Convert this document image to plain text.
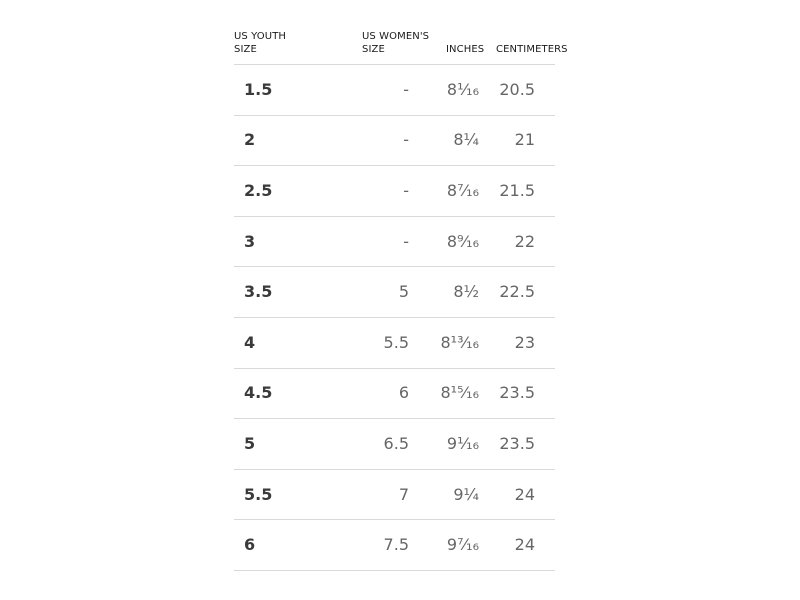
US YOUTH
SIZE
US WOMEN'S
SIZE	INCHES CENTIMETERS
1.5	- 8¹⁄₁₆ 20.5
2	-	8¼ 21
2.5	- 8⁷⁄₁₆ 21.5
3	- 8⁹⁄₁₆ 22
3.5	5	8½ 22.5
4	5.5 8¹³⁄₁₆ 23
4.5	6 8¹⁵⁄₁₆ 23.5
5	6.5 9¹⁄₁₆ 23.5
5.5	7	9¼ 24
6	7.5 9⁷⁄₁₆ 24
